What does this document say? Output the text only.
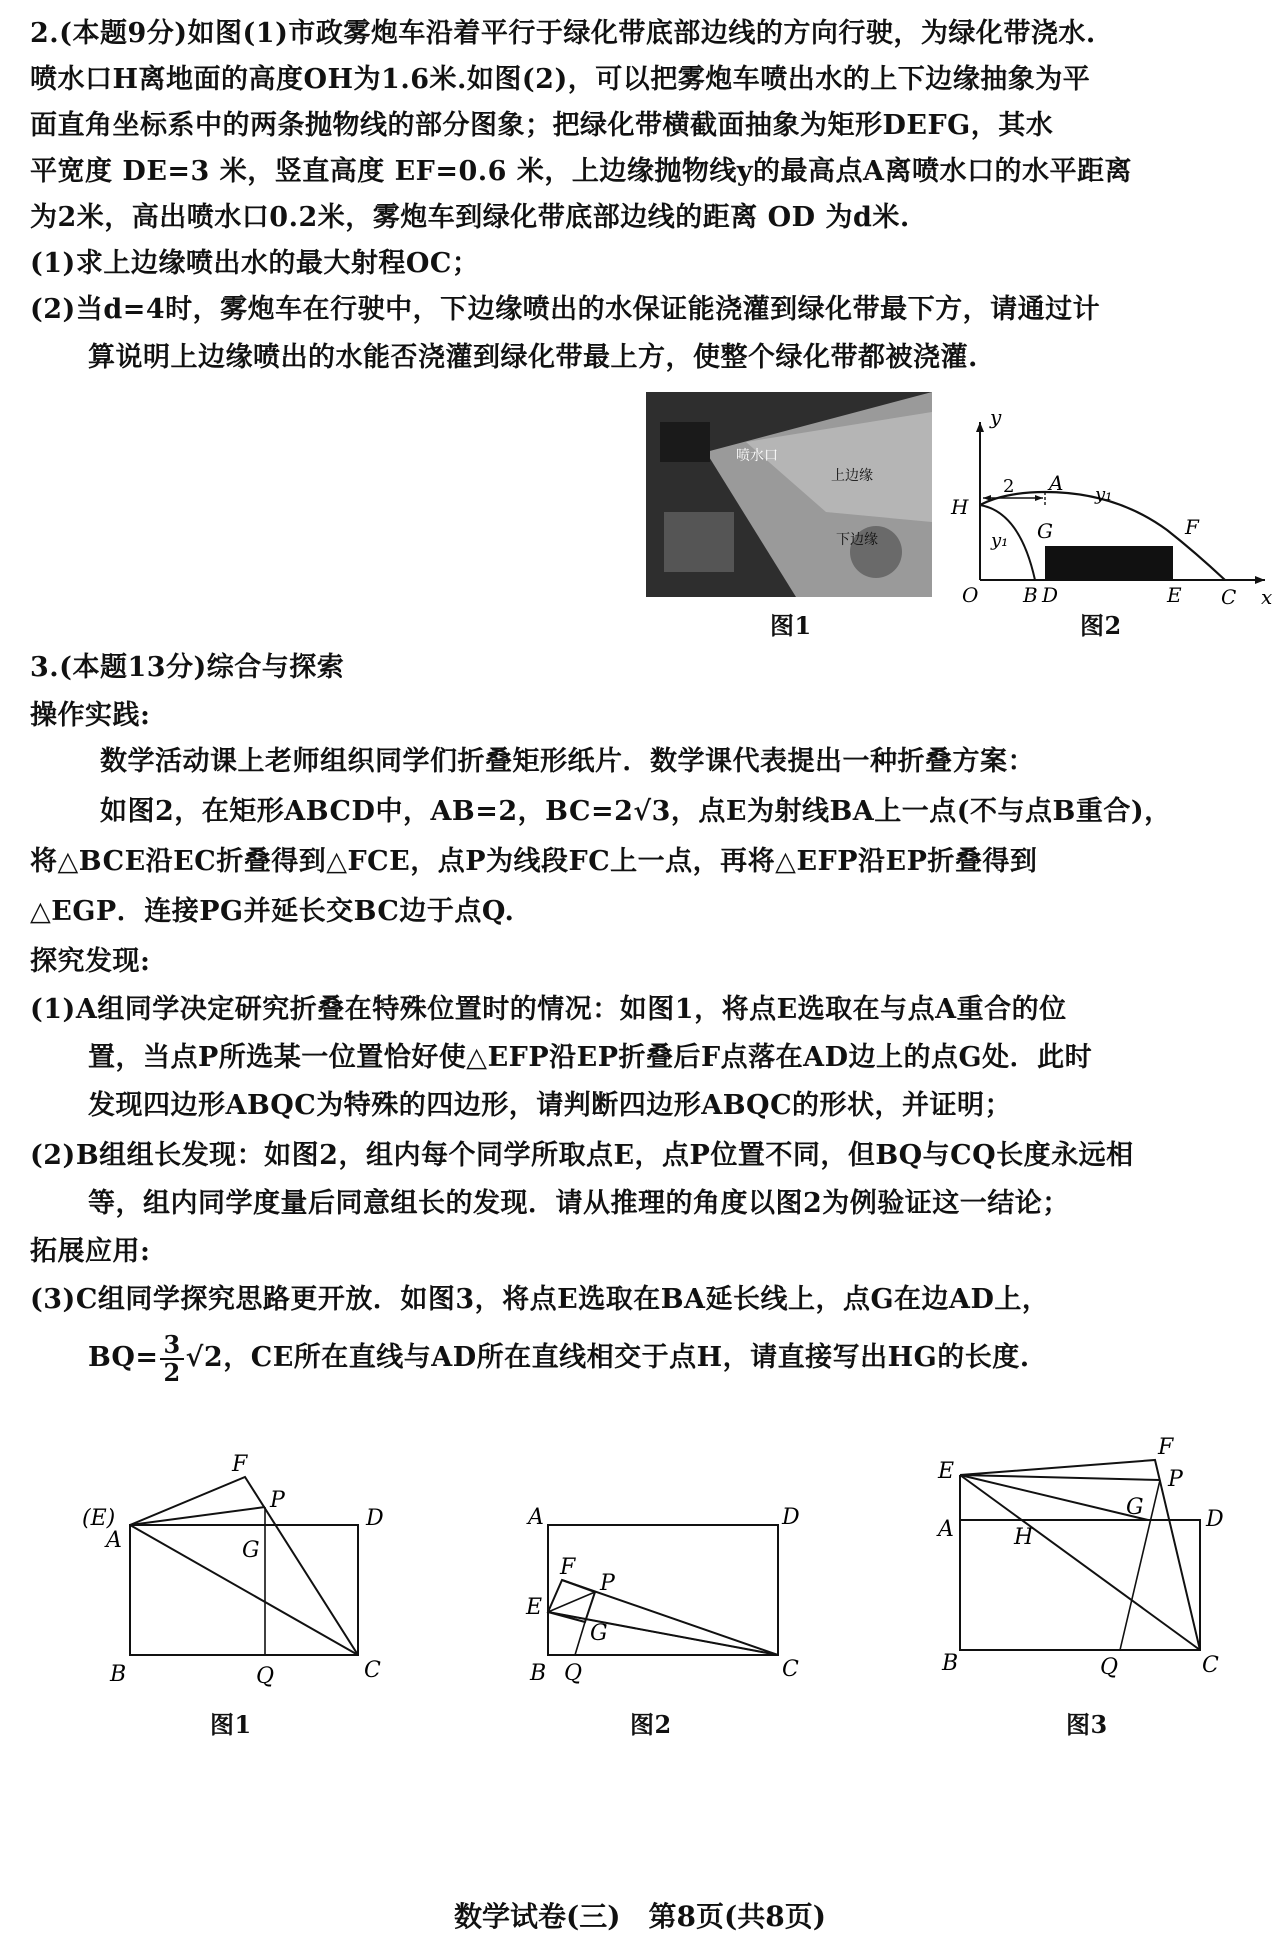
2.(本题9分)如图(1)市政雾炮车沿着平行于绿化带底部边线的方向行驶，为绿化带浇水.
喷水口H离地面的高度OH为1.6米.如图(2)，可以把雾炮车喷出水的上下边缘抽象为平
面直角坐标系中的两条抛物线的部分图象；把绿化带横截面抽象为矩形DEFG，其水
平宽度 DE=3 米，竖直高度 EF=0.6 米，上边缘抛物线y的最高点A离喷水口的水平距离
为2米，高出喷水口0.2米，雾炮车到绿化带底部边线的距离 OD 为d米.
(1)求上边缘喷出水的最大射程OC；
(2)当d=4时，雾炮车在行驶中，下边缘喷出的水保证能浇灌到绿化带最下方，请通过计
算说明上边缘喷出的水能否浇灌到绿化带最上方，使整个绿化带都被浇灌.
喷水口
上边缘
下边缘
图1
y
x
O
H
A
2	y₁
y₁ G	F
B D	E C
图2
3.(本题13分)综合与探索
操作实践:
数学活动课上老师组织同学们折叠矩形纸片．数学课代表提出一种折叠方案：
如图2，在矩形ABCD中，AB=2，BC=2√3，点E为射线BA上一点(不与点B重合)，
将△BCE沿EC折叠得到△FCE，点P为线段FC上一点，再将△EFP沿EP折叠得到
△EGP．连接PG并延长交BC边于点Q.
探究发现:
(1)A组同学决定研究折叠在特殊位置时的情况：如图1，将点E选取在与点A重合的位
置，当点P所选某一位置恰好使△EFP沿EP折叠后F点落在AD边上的点G处．此时
发现四边形ABQC为特殊的四边形，请判断四边形ABQC的形状，并证明；
(2)B组组长发现：如图2，组内每个同学所取点E，点P位置不同，但BQ与CQ长度永远相
等，组内同学度量后同意组长的发现．请从推理的角度以图2为例验证这一结论；
拓展应用:
(3)C组同学探究思路更开放．如图3，将点E选取在BA延长线上，点G在边AD上，
$BQ= \frac{3}{2} √2$，CE所在直线与AD所在直线相交于点H，请直接写出HG的长度.
(E)
A
F
P
D
G
B	Q	C
图1
A	D
F
P
E
G
B Q	C
图2
F
E	P
G
A	H
D
B	Q	C
图3
数学试卷(三)　第8页(共8页)
